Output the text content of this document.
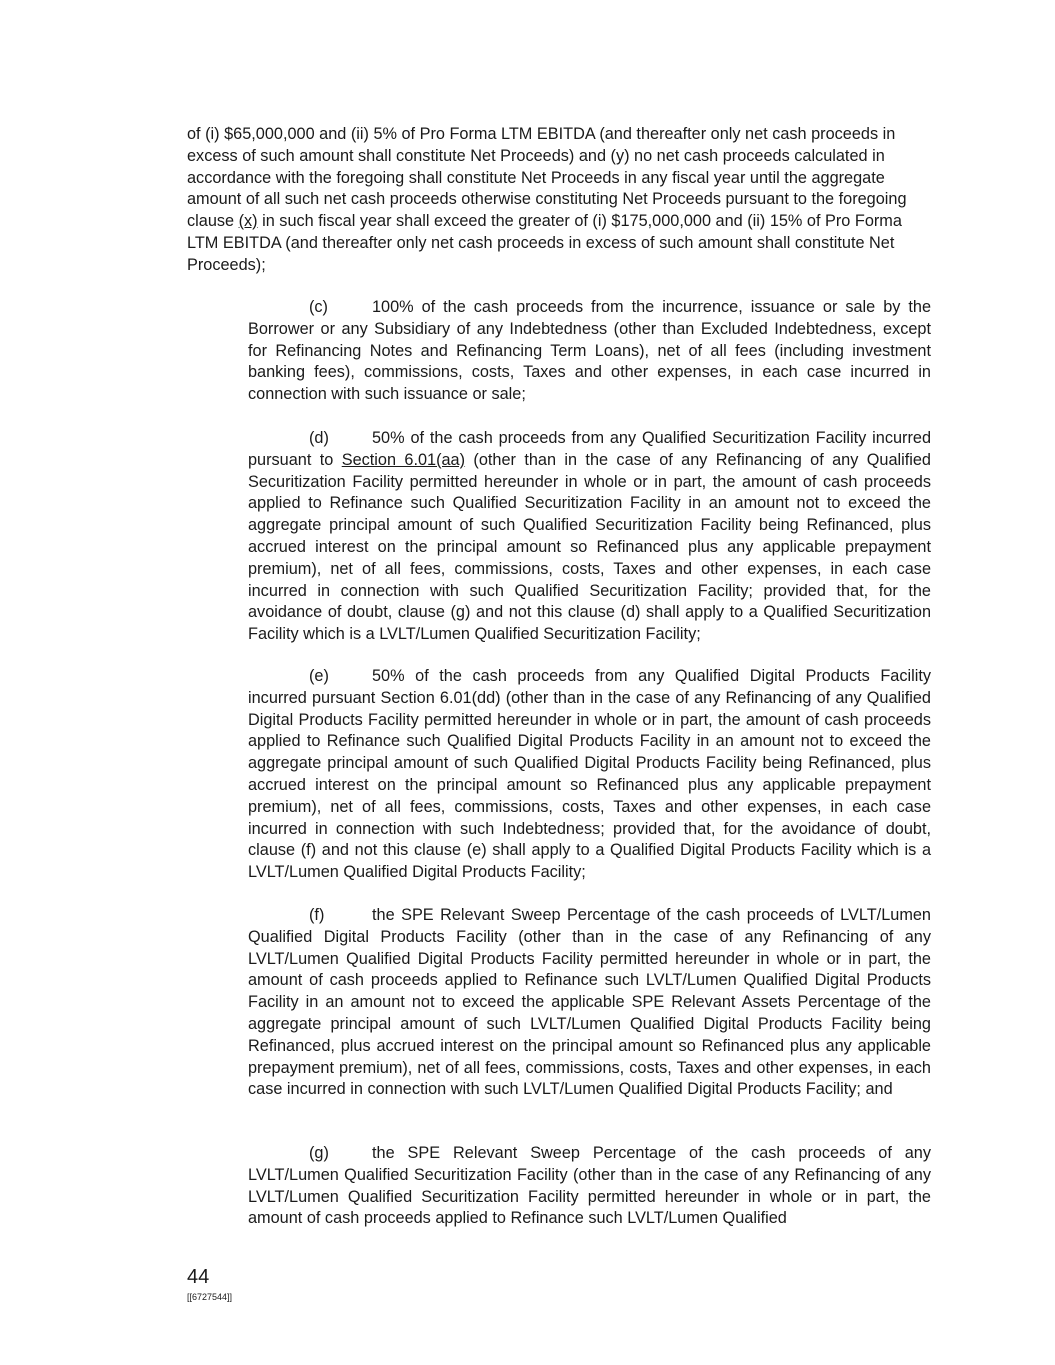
of (i) $65,000,000 and (ii) 5% of Pro Forma LTM EBITDA (and thereafter only net cash proceeds in excess of such amount shall constitute Net Proceeds) and (y) no net cash proceeds calculated in accordance with the foregoing shall constitute Net Proceeds in any fiscal year until the aggregate amount of all such net cash proceeds otherwise constituting Net Proceeds pursuant to the foregoing clause (x) in such fiscal year shall exceed the greater of (i) $175,000,000 and (ii) 15% of Pro Forma LTM EBITDA (and thereafter only net cash proceeds in excess of such amount shall constitute Net Proceeds);

(c)	100% of the cash proceeds from the incurrence, issuance or sale by the Borrower or any Subsidiary of any Indebtedness (other than Excluded Indebtedness, except for Refinancing Notes and Refinancing Term Loans), net of all fees (including investment banking fees), commissions, costs, Taxes and other expenses, in each case incurred in connection with such issuance or sale;

(d)	50% of the cash proceeds from any Qualified Securitization Facility incurred pursuant to Section 6.01(aa) (other than in the case of any Refinancing of any Qualified Securitization Facility permitted hereunder in whole or in part, the amount of cash proceeds applied to Refinance such Qualified Securitization Facility in an amount not to exceed the aggregate principal amount of such Qualified Securitization Facility being Refinanced, plus accrued interest on the principal amount so Refinanced plus any applicable prepayment premium), net of all fees, commissions, costs, Taxes and other expenses, in each case incurred in connection with such Qualified Securitization Facility; provided that, for the avoidance of doubt, clause (g) and not this clause (d) shall apply to a Qualified Securitization Facility which is a LVLT/Lumen Qualified Securitization Facility;

(e)	50% of the cash proceeds from any Qualified Digital Products Facility incurred pursuant Section 6.01(dd) (other than in the case of any Refinancing of any Qualified Digital Products Facility permitted hereunder in whole or in part, the amount of cash proceeds applied to Refinance such Qualified Digital Products Facility in an amount not to exceed the aggregate principal amount of such Qualified Digital Products Facility being Refinanced, plus accrued interest on the principal amount so Refinanced plus any applicable prepayment premium), net of all fees, commissions, costs, Taxes and other expenses, in each case incurred in connection with such Indebtedness; provided that, for the avoidance of doubt, clause (f) and not this clause (e) shall apply to a Qualified Digital Products Facility which is a LVLT/Lumen Qualified Digital Products Facility;

(f)	the SPE Relevant Sweep Percentage of the cash proceeds of LVLT/Lumen Qualified Digital Products Facility (other than in the case of any Refinancing of any LVLT/Lumen Qualified Digital Products Facility permitted hereunder in whole or in part, the amount of cash proceeds applied to Refinance such LVLT/Lumen Qualified Digital Products Facility in an amount not to exceed the applicable SPE Relevant Assets Percentage of the aggregate principal amount of such LVLT/Lumen Qualified Digital Products Facility being Refinanced, plus accrued interest on the principal amount so Refinanced plus any applicable prepayment premium), net of all fees, commissions, costs, Taxes and other expenses, in each case incurred in connection with such LVLT/Lumen Qualified Digital Products Facility; and

(g)	the SPE Relevant Sweep Percentage of the cash proceeds of any LVLT/Lumen Qualified Securitization Facility (other than in the case of any Refinancing of any LVLT/Lumen Qualified Securitization Facility permitted hereunder in whole or in part, the amount of cash proceeds applied to Refinance such LVLT/Lumen Qualified

44

[[6727544]]
